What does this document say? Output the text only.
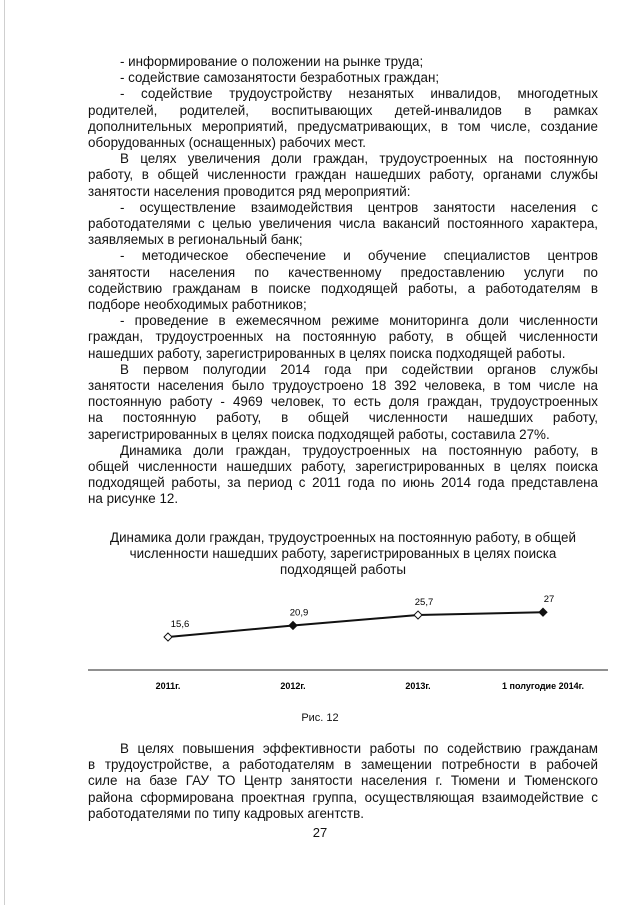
- информирование о положении на рынке труда;
- содействие самозанятости безработных граждан;
- содействие трудоустройству незанятых инвалидов, многодетных
родителей, родителей, воспитывающих детей-инвалидов в рамках
дополнительных мероприятий, предусматривающих, в том числе, создание
оборудованных (оснащенных) рабочих мест.
В целях увеличения доли граждан, трудоустроенных на постоянную
работу, в общей численности граждан нашедших работу, органами службы
занятости населения проводится ряд мероприятий:
- осуществление взаимодействия центров занятости населения с
работодателями с целью увеличения числа вакансий постоянного характера,
заявляемых в региональный банк;
- методическое обеспечение и обучение специалистов центров
занятости населения по качественному предоставлению услуги по
содействию гражданам в поиске подходящей работы, а работодателям в
подборе необходимых работников;
- проведение в ежемесячном режиме мониторинга доли численности
граждан, трудоустроенных на постоянную работу, в общей численности
нашедших работу, зарегистрированных в целях поиска подходящей работы.
В первом полугодии 2014 года при содействии органов службы
занятости населения было трудоустроено 18 392 человека, в том числе на
постоянную работу - 4969 человек, то есть доля граждан, трудоустроенных
на постоянную работу, в общей численности нашедших работу,
зарегистрированных в целях поиска подходящей работы, составила 27%.
Динамика доли граждан, трудоустроенных на постоянную работу, в
общей численности нашедших работу, зарегистрированных в целях поиска
подходящей работы, за период с 2011 года по июнь 2014 года представлена
на рисунке 12.
Динамика доли граждан, трудоустроенных на постоянную работу, в общей
численности нашедших работу, зарегистрированных в целях поиска
подходящей работы
15,6
2011г.
20,9
2012г.
25,7
2013г.
27
1 полугодие 2014г.
Рис. 12
В целях повышения эффективности работы по содействию гражданам
в трудоустройстве, а работодателям в замещении потребности в рабочей
силе на базе ГАУ ТО Центр занятости населения г. Тюмени и Тюменского
района сформирована проектная группа, осуществляющая взаимодействие с
работодателями по типу кадровых агентств.
27
